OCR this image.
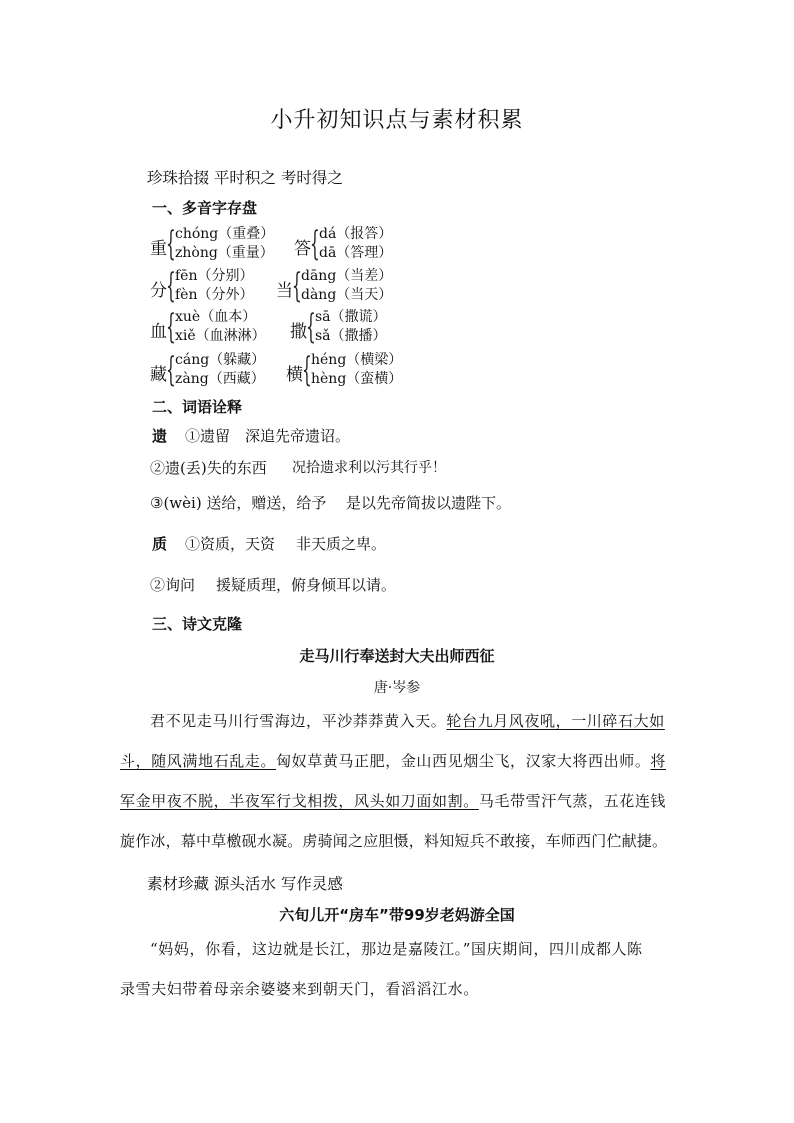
小升初知识点与素材积累
珍珠拾掇 平时积之 考时得之
一、多音字存盘
重 { chóng（重叠）
zhòng（重量） 答 { dá（报答）
dā（答理）
分 { fēn（分别）
fèn（分外） 当 { dāng（当差）
dàng（当天）
血 { xuè（血本）
xiě（血淋淋） 撒 { sā（撒谎）
sǎ（撒播）
藏 { cáng（躲藏）
zàng（西藏） 横 { héng（横梁）
hèng（蛮横）
二、词语诠释
遗 ①遗留　深追先帝遗诏。
②遗(丢)失的东西 况拾遗求利以污其行乎！
③(wèi) 送给，赠送，给予 是以先帝简拔以遗陛下。
质 ①资质，天资 非天质之卑。
②询问 援疑质理，俯身倾耳以请。
三、诗文克隆
走马川行奉送封大夫出师西征
唐·岑参
君不见走马川行雪海边，平沙莽莽黄入天。轮台九月风夜吼，一川碎石大如
斗，随风满地石乱走。匈奴草黄马正肥，金山西见烟尘飞，汉家大将西出师。将
军金甲夜不脱，半夜军行戈相拨，风头如刀面如割。马毛带雪汗气蒸，五花连钱
旋作冰，幕中草檄砚水凝。虏骑闻之应胆慑，料知短兵不敢接，车师西门伫献捷。
素材珍藏 源头活水 写作灵感
六旬儿开“房车”带99岁老妈游全国
“妈妈，你看，这边就是长江，那边是嘉陵江。”国庆期间，四川成都人陈
录雪夫妇带着母亲余婆婆来到朝天门，看滔滔江水。
